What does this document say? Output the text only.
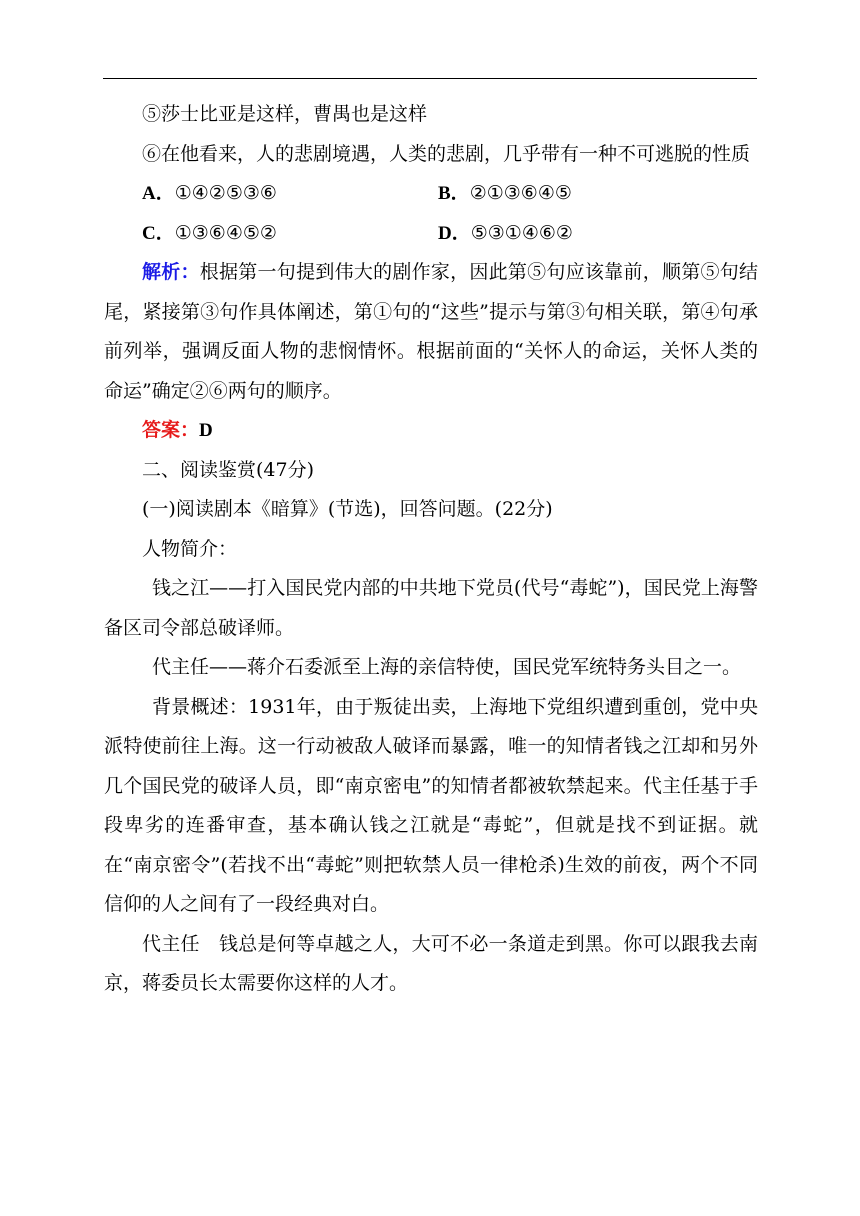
⑤莎士比亚是这样，曹禺也是这样

⑥在他看来，人的悲剧境遇，人类的悲剧，几乎带有一种不可逃脱的性质

A．①④②⑤③⑥	B．②①③⑥④⑤
C．①③⑥④⑤②	D．⑤③①④⑥②

解析：根据第一句提到伟大的剧作家，因此第⑤句应该靠前，顺第⑤句结尾，紧接第③句作具体阐述，第①句的“这些”提示与第③句相关联，第④句承前列举，强调反面人物的悲悯情怀。根据前面的“关怀人的命运，关怀人类的命运”确定②⑥两句的顺序。

答案：D

二、阅读鉴赏(47分)

(一)阅读剧本《暗算》(节选)，回答问题。(22分)

人物简介：

钱之江——打入国民党内部的中共地下党员(代号“毒蛇”)，国民党上海警备区司令部总破译师。

代主任——蒋介石委派至上海的亲信特使，国民党军统特务头目之一。

背景概述：1931年，由于叛徒出卖，上海地下党组织遭到重创，党中央派特使前往上海。这一行动被敌人破译而暴露，唯一的知情者钱之江却和另外几个国民党的破译人员，即“南京密电”的知情者都被软禁起来。代主任基于手段卑劣的连番审查，基本确认钱之江就是“毒蛇”，但就是找不到证据。就在“南京密令”(若找不出“毒蛇”则把软禁人员一律枪杀)生效的前夜，两个不同信仰的人之间有了一段经典对白。

代主任　 钱总是何等卓越之人，大可不必一条道走到黑。你可以跟我去南京，蒋委员长太需要你这样的人才。
